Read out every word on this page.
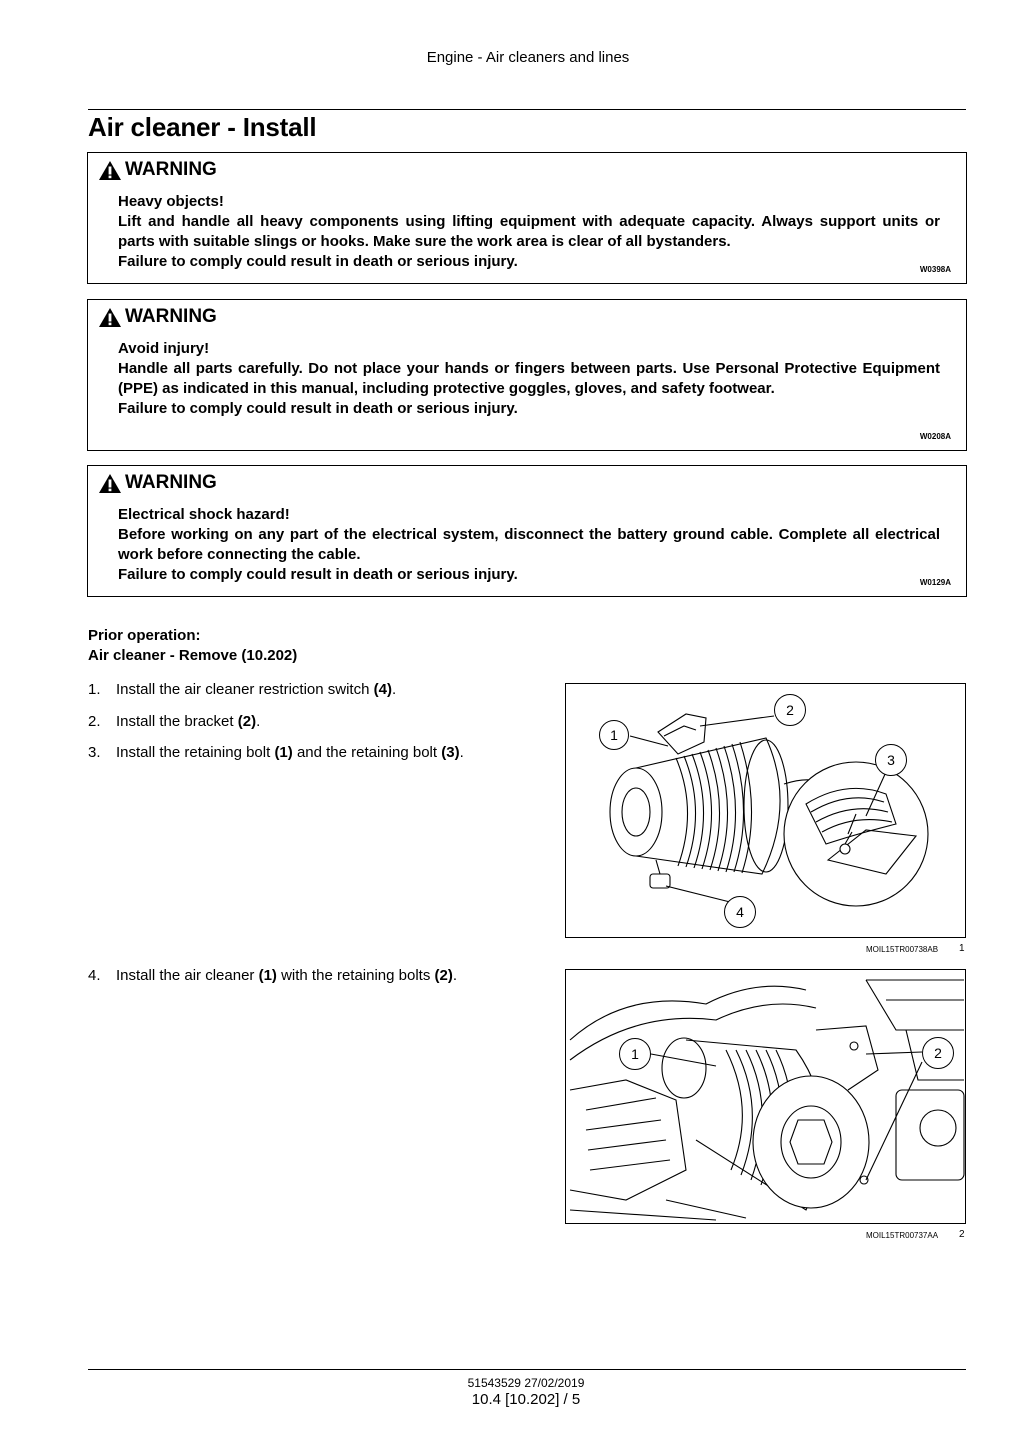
Engine - Air cleaners and lines
Air cleaner - Install
WARNING

Heavy objects!

Lift and handle all heavy components using lifting equipment with adequate capacity. Always support units or parts with suitable slings or hooks. Make sure the work area is clear of all bystanders.

Failure to comply could result in death or serious injury.	W0398A
WARNING

Avoid injury!

Handle all parts carefully. Do not place your hands or fingers between parts. Use Personal Protective Equipment (PPE) as indicated in this manual, including protective goggles, gloves, and safety footwear.

Failure to comply could result in death or serious injury.

W0208A
WARNING

Electrical shock hazard!

Before working on any part of the electrical system, disconnect the battery ground cable. Complete all electrical work before connecting the cable.

Failure to comply could result in death or serious injury.	W0129A

Prior operation:

Air cleaner - Remove (10.202)

1. Install the air cleaner restriction switch (4).
2. Install the bracket (2).
3. Install the retaining bolt (1) and the retaining bolt (3).
4. Install the air cleaner (1) with the retaining bolts (2).
1
2
3
4
MOIL15TR00738AB 1
1	2
MOIL15TR00737AA 2
51543529 27/02/2019
10.4 [10.202] / 5
